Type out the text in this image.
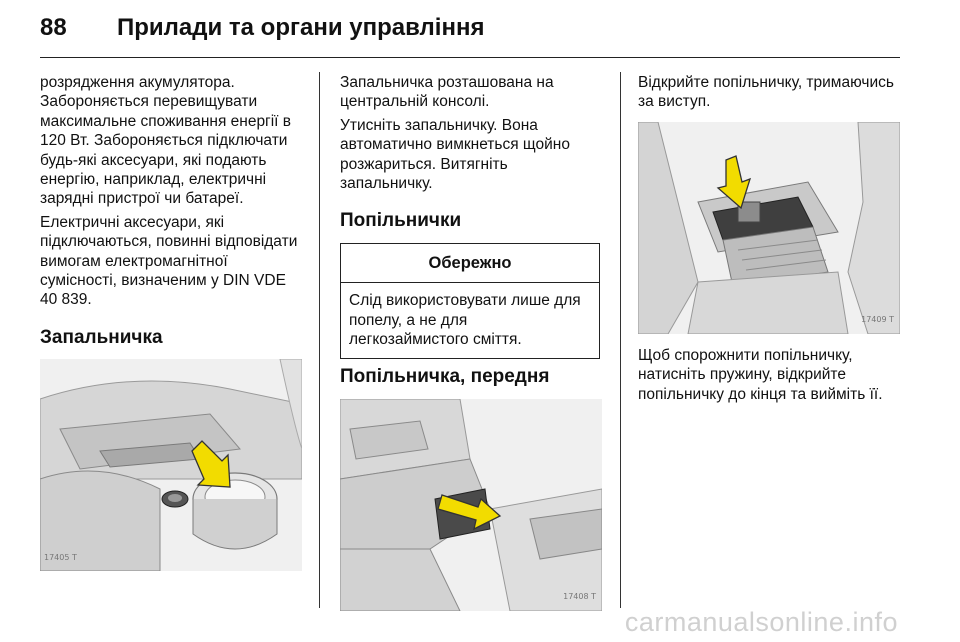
88 Прилади та органи управління

розрядження акумулятора. Забороняється перевищувати максимальне споживання енергії в 120 Вт. Забороняється підключати будь-які аксесуари, які подають енергію, наприклад, електричні зарядні пристрої чи батареї.

Електричні аксесуари, які підключаються, повинні відповідати вимогам електромагнітної сумісності, визначеним у DIN VDE 40 839.

Запальничка
17405 T

Запальничка розташована на центральній консолі.

Утисніть запальничку. Вона автоматично вимкнеться щойно розжариться. Витягніть запальничку.

Попільнички
Обережно
Слід використовувати лише для попелу, а не для легкозаймистого сміття.
Попільничка, передня
17408 T

Відкрийте попільничку, тримаючись за виступ.

17409 T

Щоб спорожнити попільничку, натисніть пружину, відкрийте попільничку до кінця та вийміть її.

carmanualsonline.info
